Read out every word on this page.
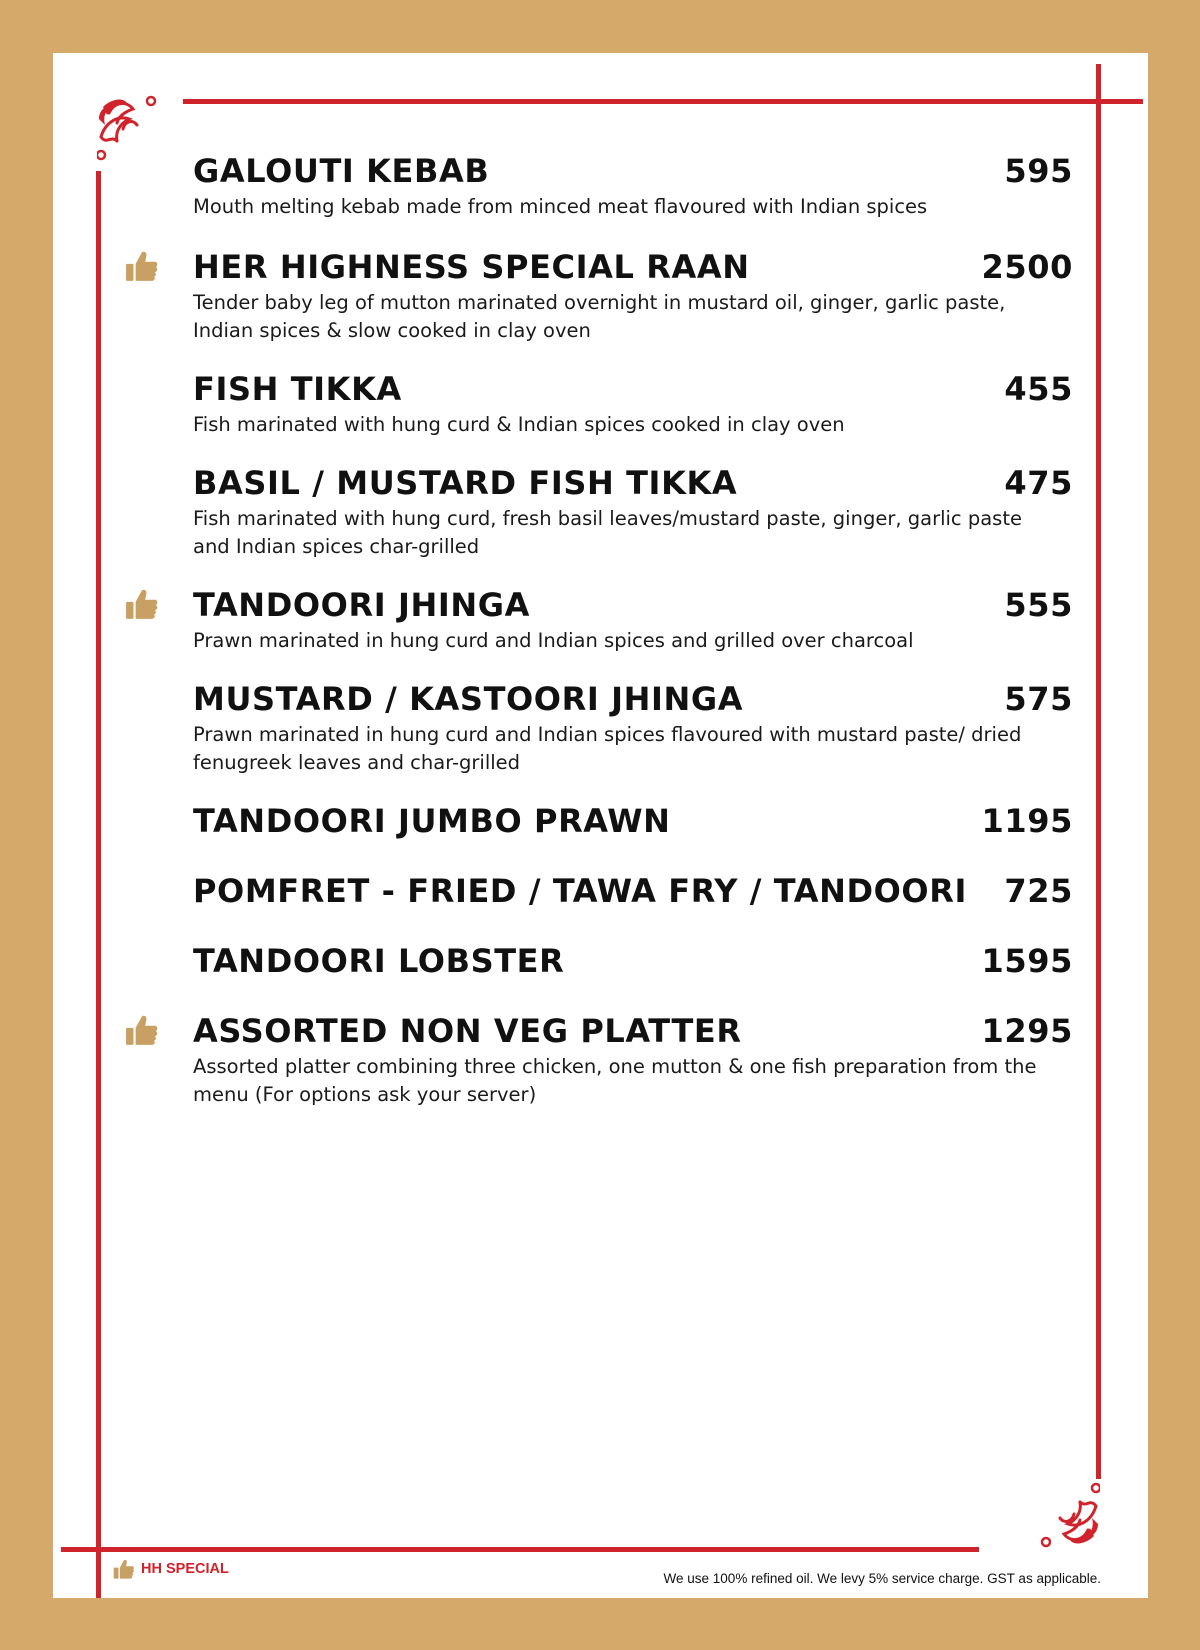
GALOUTI KEBAB	595
Mouth melting kebab made from minced meat flavoured with Indian spices
HER HIGHNESS SPECIAL RAAN	2500
Tender baby leg of mutton marinated overnight in mustard oil, ginger, garlic paste, Indian spices & slow cooked in clay oven
FISH TIKKA	455
Fish marinated with hung curd & Indian spices cooked in clay oven
BASIL / MUSTARD FISH TIKKA	475
Fish marinated with hung curd, fresh basil leaves/mustard paste, ginger, garlic paste and Indian spices char-grilled
TANDOORI JHINGA	555
Prawn marinated in hung curd and Indian spices and grilled over charcoal
MUSTARD / KASTOORI JHINGA	575
Prawn marinated in hung curd and Indian spices flavoured with mustard paste/ dried fenugreek leaves and char-grilled
TANDOORI JUMBO PRAWN	1195
POMFRET - FRIED / TAWA FRY / TANDOORI 725
TANDOORI LOBSTER	1595
ASSORTED NON VEG PLATTER	1295
Assorted platter combining three chicken, one mutton & one fish preparation from the menu (For options ask your server)
HH SPECIAL
We use 100% refined oil. We levy 5% service charge. GST as applicable.
